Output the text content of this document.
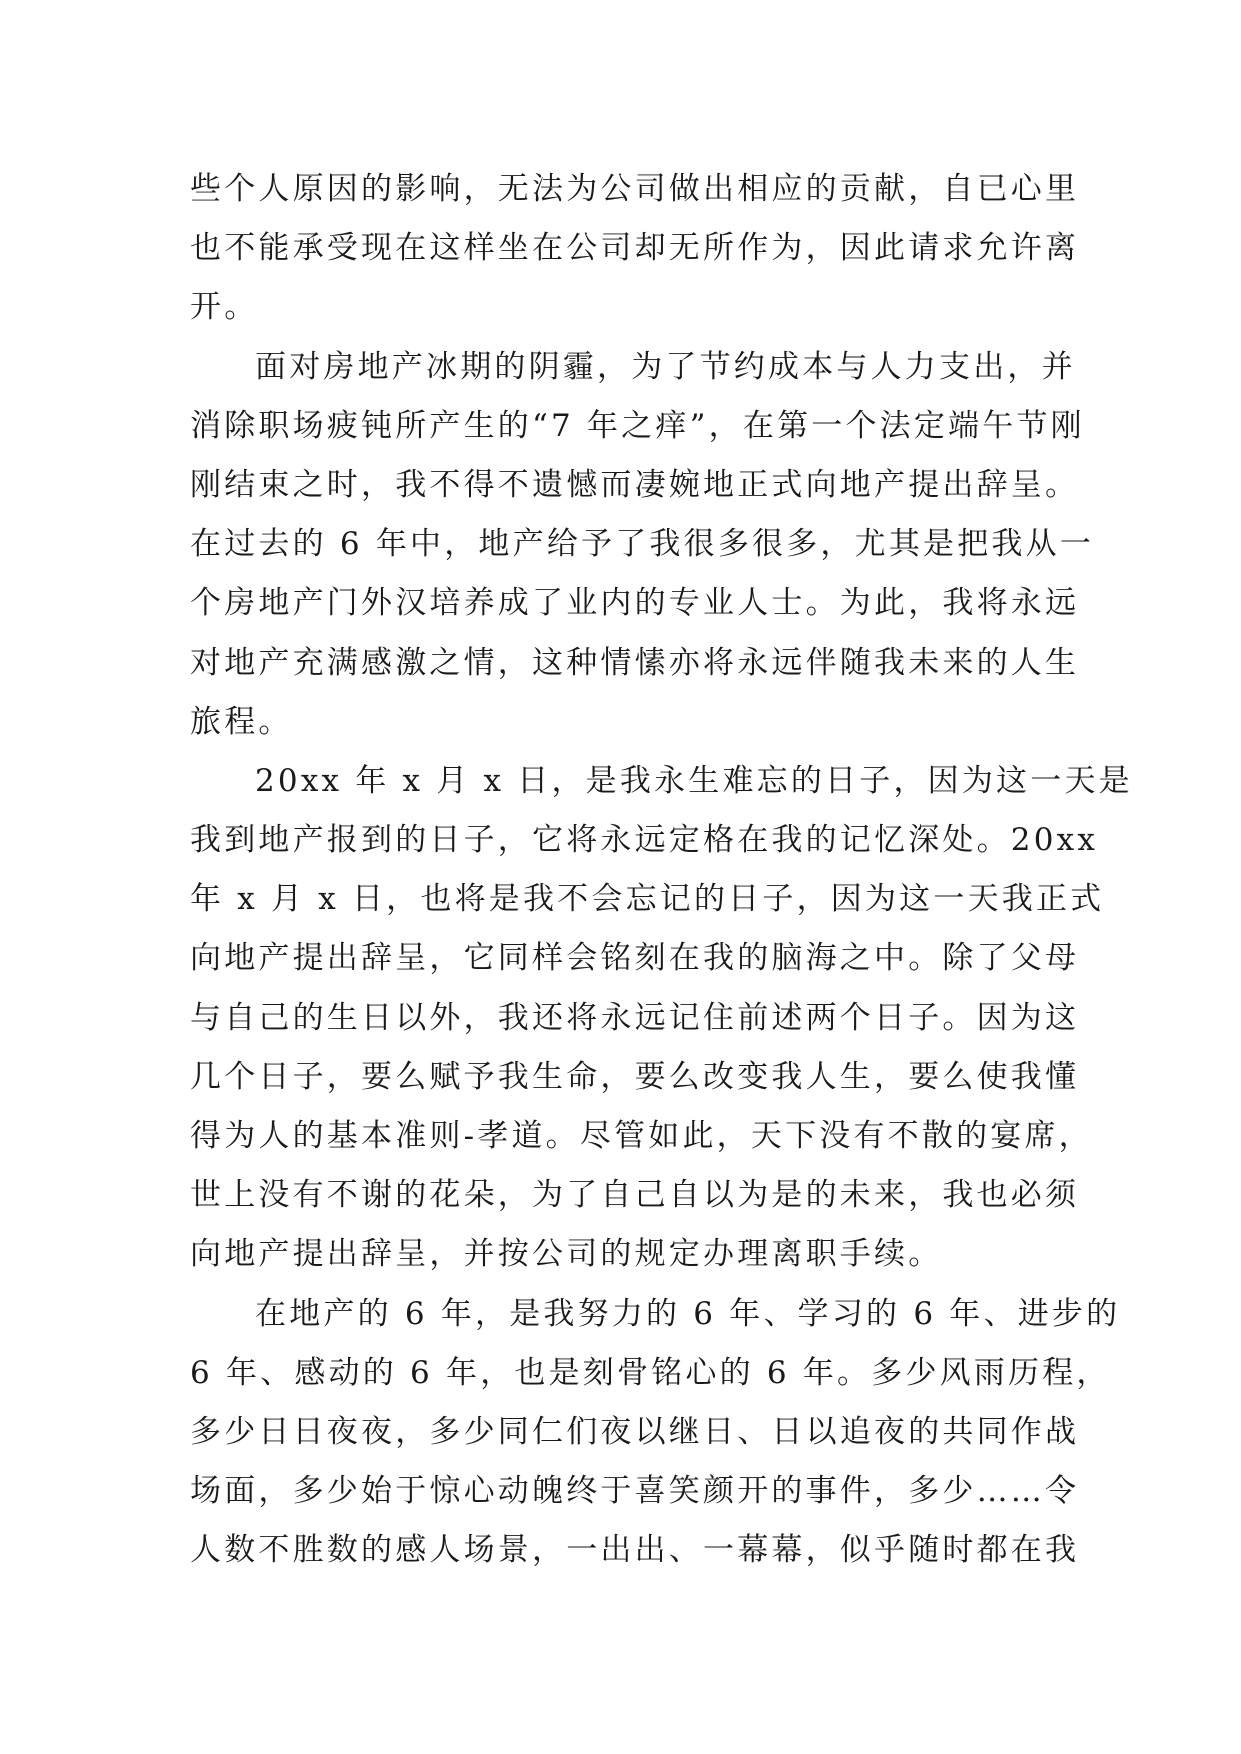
些个人原因的影响，无法为公司做出相应的贡献，自已心里
也不能承受现在这样坐在公司却无所作为，因此请求允许离
开。
面对房地产冰期的阴霾，为了节约成本与人力支出，并
消除职场疲钝所产生的“7 年之痒”，在第一个法定端午节刚
刚结束之时，我不得不遗憾而凄婉地正式向地产提出辞呈。
在过去的 6 年中，地产给予了我很多很多，尤其是把我从一
个房地产门外汉培养成了业内的专业人士。为此，我将永远
对地产充满感激之情，这种情愫亦将永远伴随我未来的人生
旅程。
20xx 年 x 月 x 日，是我永生难忘的日子，因为这一天是
我到地产报到的日子，它将永远定格在我的记忆深处。20xx
年 x 月 x 日，也将是我不会忘记的日子，因为这一天我正式
向地产提出辞呈，它同样会铭刻在我的脑海之中。除了父母
与自己的生日以外，我还将永远记住前述两个日子。因为这
几个日子，要么赋予我生命，要么改变我人生，要么使我懂
得为人的基本准则-孝道。尽管如此，天下没有不散的宴席，
世上没有不谢的花朵，为了自己自以为是的未来，我也必须
向地产提出辞呈，并按公司的规定办理离职手续。
在地产的 6 年，是我努力的 6 年、学习的 6 年、进步的
6 年、感动的 6 年，也是刻骨铭心的 6 年。多少风雨历程，
多少日日夜夜，多少同仁们夜以继日、日以追夜的共同作战
场面，多少始于惊心动魄终于喜笑颜开的事件，多少……令
人数不胜数的感人场景，一出出、一幕幕，似乎随时都在我
